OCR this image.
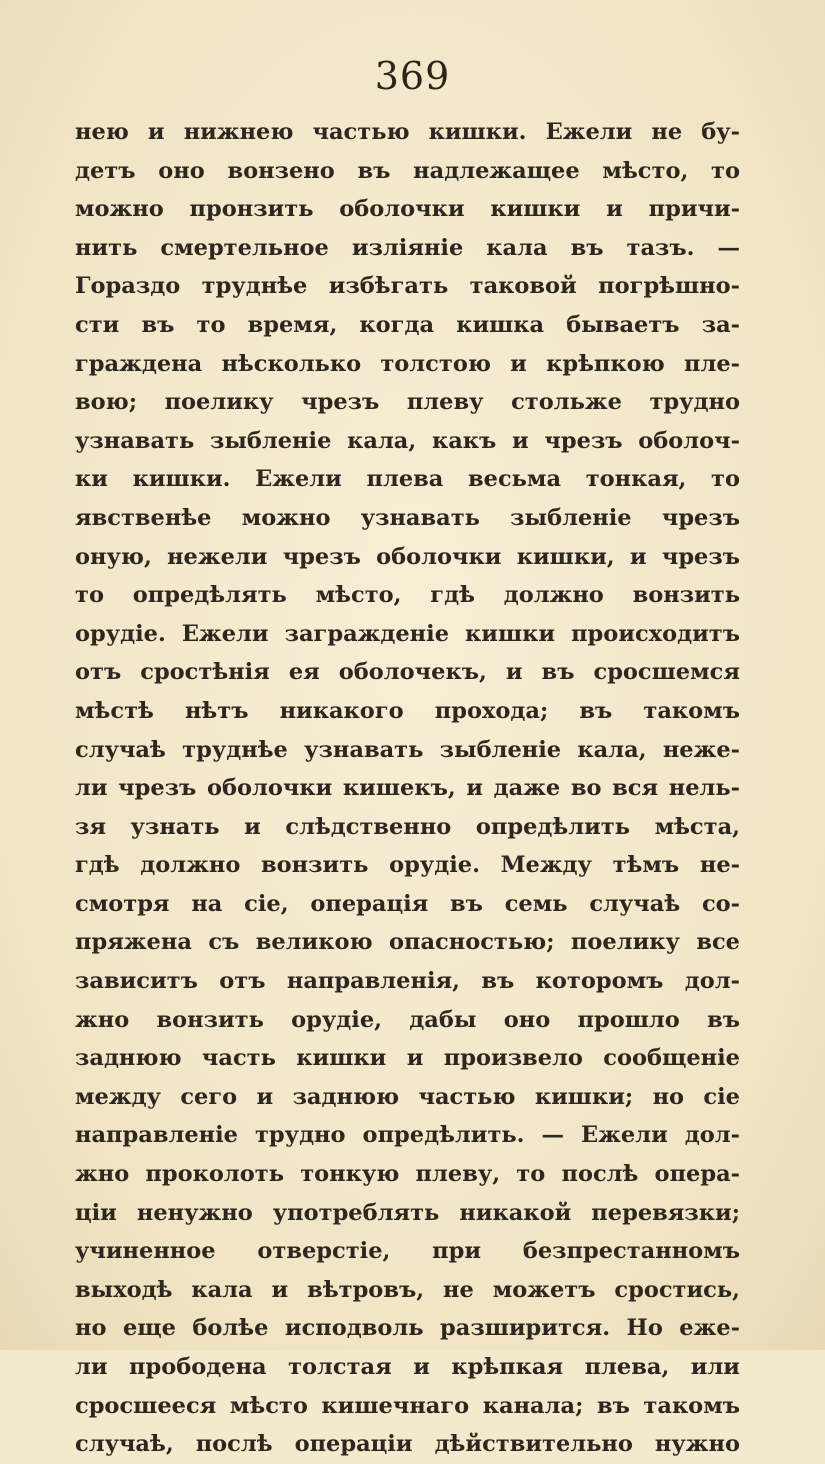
369
нею и нижнею частью кишки. Ежели не бу-
детъ оно вонзено въ надлежащее мѣсто, то
можно пронзить оболочки кишки и причи-
нить смертельное изліяніе кала въ тазъ. —
Гораздо труднѣе избѣгать таковой погрѣшно-
сти въ то время, когда кишка бываетъ за-
граждена нѣсколько толстою и крѣпкою пле-
вою; поелику чрезъ плеву стольже трудно
узнавать зыбленіе кала, какъ и чрезъ оболоч-
ки кишки. Ежели плева весьма тонкая, то
явственѣе можно узнавать зыбленіе чрезъ
оную, нежели чрезъ оболочки кишки, и чрезъ
то опредѣлять мѣсто, гдѣ должно вонзить
орудіе. Ежели загражденіе кишки происходитъ
отъ сростѣнія ея оболочекъ, и въ сросшемся
мѣстѣ нѣтъ никакого прохода; въ такомъ
случаѣ труднѣе узнавать зыбленіе кала, нежe-
ли чрезъ оболочки кишекъ, и даже во вся нель-
зя узнать и слѣдственно опредѣлить мѣста,
гдѣ должно вонзить орудіе. Между тѣмъ не-
смотря на сіе, операція въ семь случаѣ со-
пряжена съ великою опасностью; поелику все
зависитъ отъ направленія, въ которомъ дол-
жно вонзить орудіе, дабы оно прошло въ
заднюю часть кишки и произвело сообщеніе
между сего и заднюю частью кишки; но сіе
направленіе трудно опредѣлить. — Ежели дол-
жно проколоть тонкую плеву, то послѣ опера-
ціи ненужно употреблять никакой перевязки;
учиненное отверстіе, при безпрестанномъ
выходѣ кала и вѣтровъ, не можетъ сростись,
но еще болѣе исподволь разширится. Но еже-
ли прободена толстая и крѣпкая плева, или
сросшееся мѣсто кишечнаго канала; въ такомъ
случаѣ, послѣ операціи дѣйствительно нужно
